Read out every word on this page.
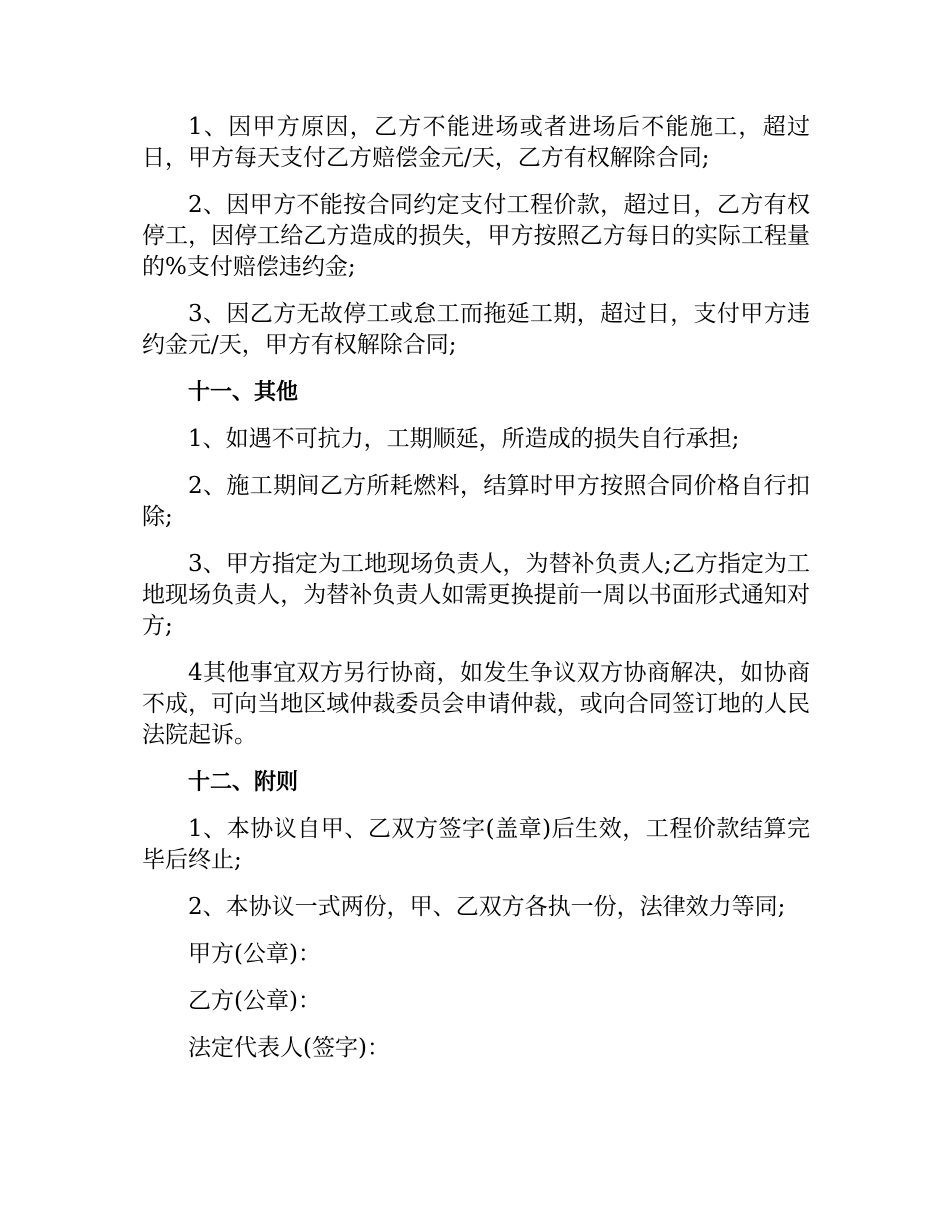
1、因甲方原因，乙方不能进场或者进场后不能施工，超过日，甲方每天支付乙方赔偿金元/天，乙方有权解除合同;

2、因甲方不能按合同约定支付工程价款，超过日，乙方有权停工，因停工给乙方造成的损失，甲方按照乙方每日的实际工程量的%支付赔偿违约金;

3、因乙方无故停工或怠工而拖延工期，超过日，支付甲方违约金元/天，甲方有权解除合同;

十一、其他

1、如遇不可抗力，工期顺延，所造成的损失自行承担;

2、施工期间乙方所耗燃料，结算时甲方按照合同价格自行扣除;

3、甲方指定为工地现场负责人，为替补负责人;乙方指定为工地现场负责人，为替补负责人如需更换提前一周以书面形式通知对方;

4其他事宜双方另行协商，如发生争议双方协商解决，如协商不成，可向当地区域仲裁委员会申请仲裁，或向合同签订地的人民法院起诉。

十二、附则

1、本协议自甲、乙双方签字(盖章)后生效，工程价款结算完毕后终止;

2、本协议一式两份，甲、乙双方各执一份，法律效力等同;

甲方(公章)：

乙方(公章)：

法定代表人(签字)：
